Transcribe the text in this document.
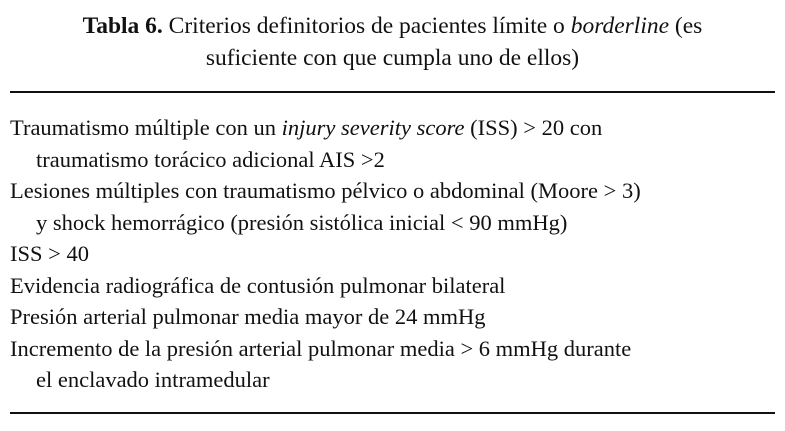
Tabla 6. Criterios definitorios de pacientes límite o borderline (es
suficiente con que cumpla uno de ellos)
Traumatismo múltiple con un injury severity score (ISS) > 20 con
traumatismo torácico adicional AIS >2
Lesiones múltiples con traumatismo pélvico o abdominal (Moore > 3)
y shock hemorrágico (presión sistólica inicial < 90 mmHg)
ISS > 40
Evidencia radiográfica de contusión pulmonar bilateral
Presión arterial pulmonar media mayor de 24 mmHg
Incremento de la presión arterial pulmonar media > 6 mmHg durante
el enclavado intramedular
